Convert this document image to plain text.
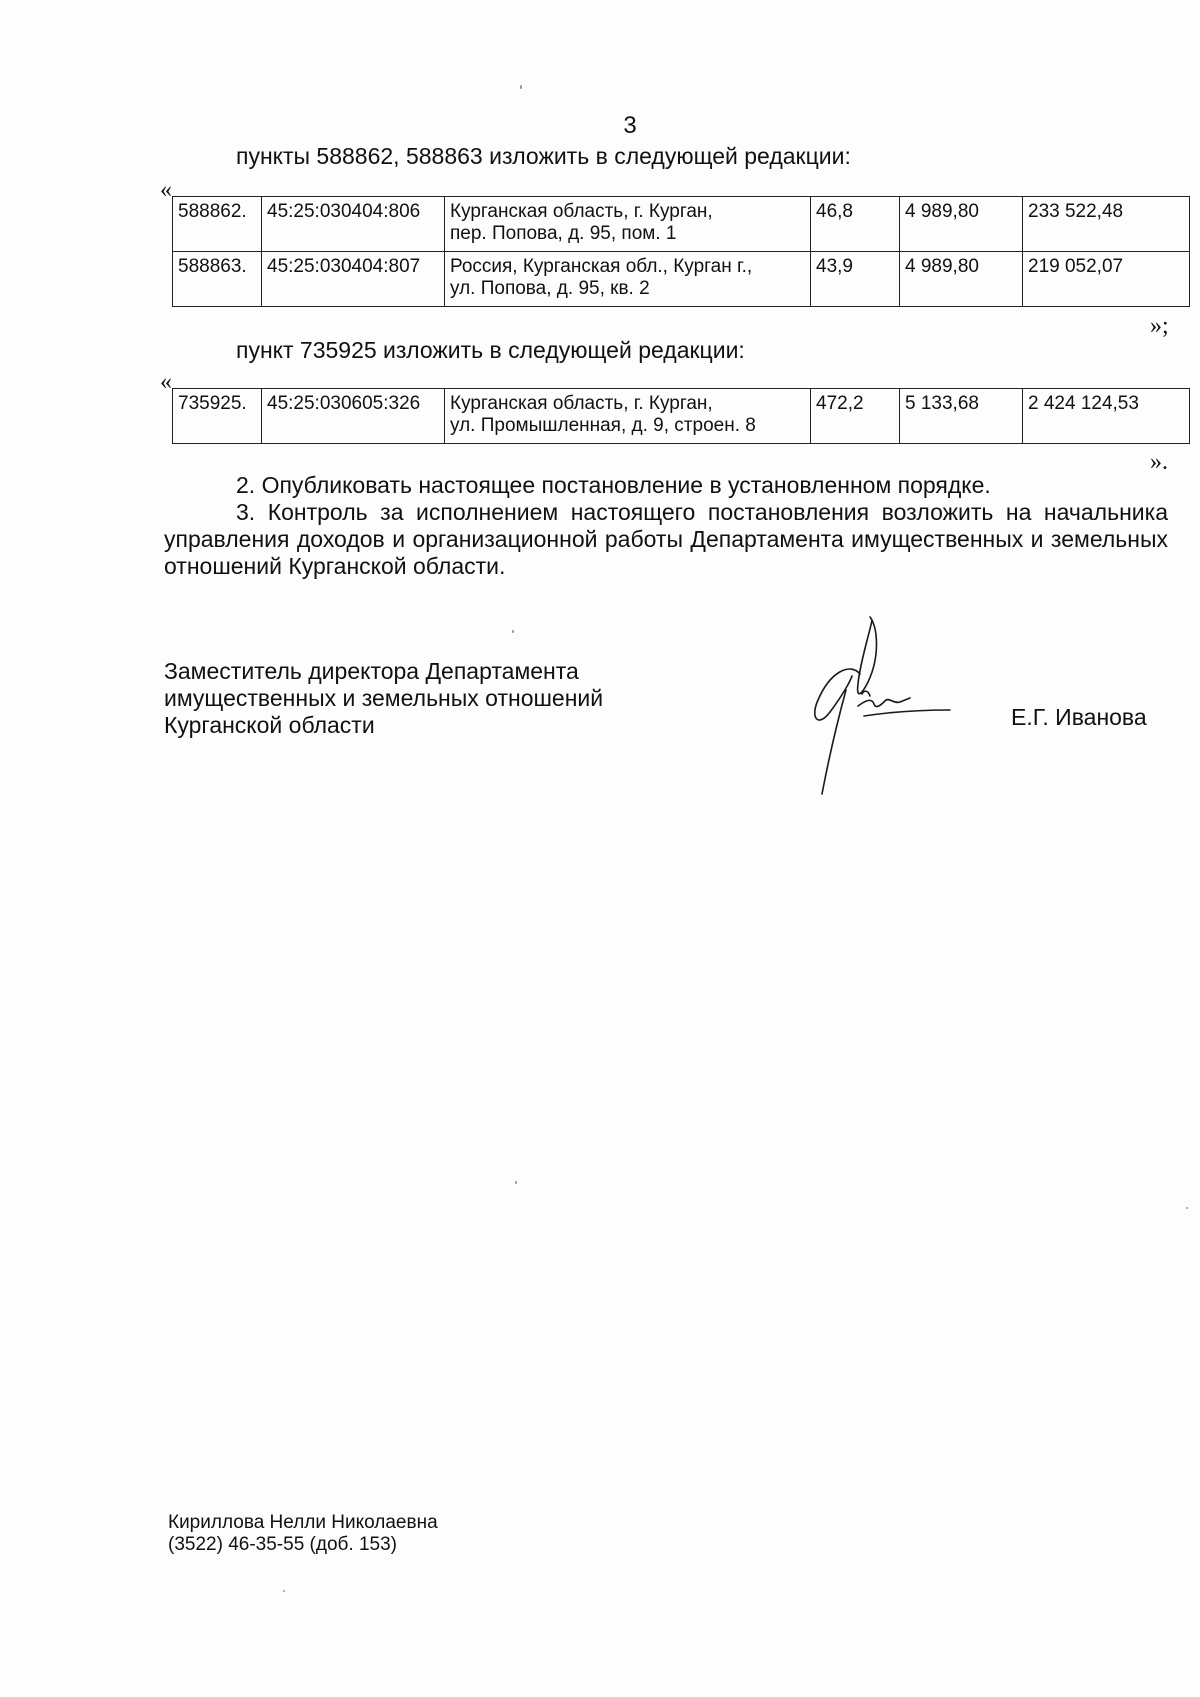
3
пункты 588862, 588863 изложить в следующей редакции:
«
588862.	45:25:030404:806	Курганская область, г. Курган,
пер. Попова, д. 95, пом. 1	46,8	4 989,80	233 522,48
588863.	45:25:030404:807	Россия, Курганская обл., Курган г.,
ул. Попова, д. 95, кв. 2	43,9	4 989,80	219 052,07
»;
пункт 735925 изложить в следующей редакции:
«
735925.	45:25:030605:326	Курганская область, г. Курган,
ул. Промышленная, д. 9, строен. 8	472,2	5 133,68	2 424 124,53
».
2. Опубликовать настоящее постановление в установленном порядке.
3. Контроль за исполнением настоящего постановления возложить на начальника управления доходов и организационной работы Департамента имущественных и земельных отношений Курганской области.
Заместитель директора Департамента
имущественных и земельных отношений
Курганской области	Е.Г. Иванова
Кириллова Нелли Николаевна
(3522) 46-35-55 (доб. 153)
